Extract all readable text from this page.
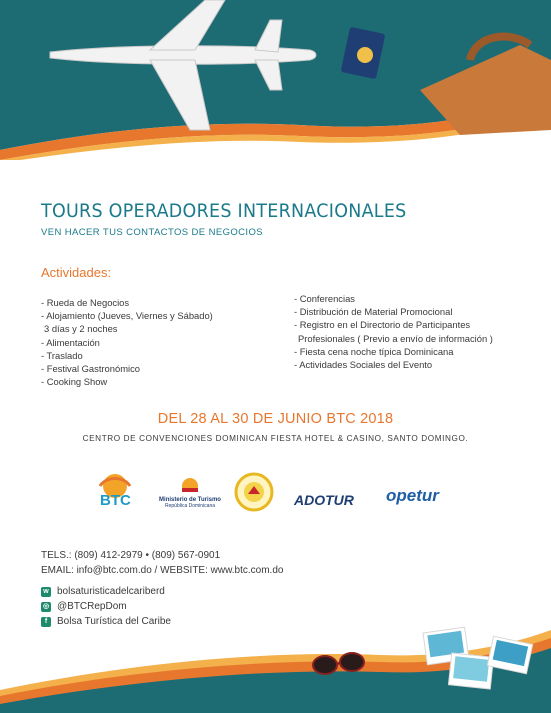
TOURS OPERADORES INTERNACIONALES
VEN HACER TUS CONTACTOS DE NEGOCIOS
Actividades:
- Rueda de Negocios
- Alojamiento (Jueves, Viernes y Sábado)
3 días y 2 noches
- Alimentación
- Traslado
- Festival Gastronómico
- Cooking Show
- Conferencias
- Distribución de Material Promocional
- Registro en el Directorio de Participantes
Profesionales ( Previo a envío de información )
- Fiesta cena noche típica Dominicana
- Actividades Sociales del Evento
DEL 28 AL 30 DE JUNIO BTC 2018
CENTRO DE CONVENCIONES DOMINICAN FIESTA HOTEL & CASINO, SANTO DOMINGO.
BTC	Ministerio de Turismo
República Dominicana	ADOTUR opetur
TELS.: (809) 412-2979 • (809) 567-0901
EMAIL: info@btc.com.do / WEBSITE: www.btc.com.do
w bolsaturisticadelcariberd
◎ @BTCRepDom
f Bolsa Turística del Caribe
